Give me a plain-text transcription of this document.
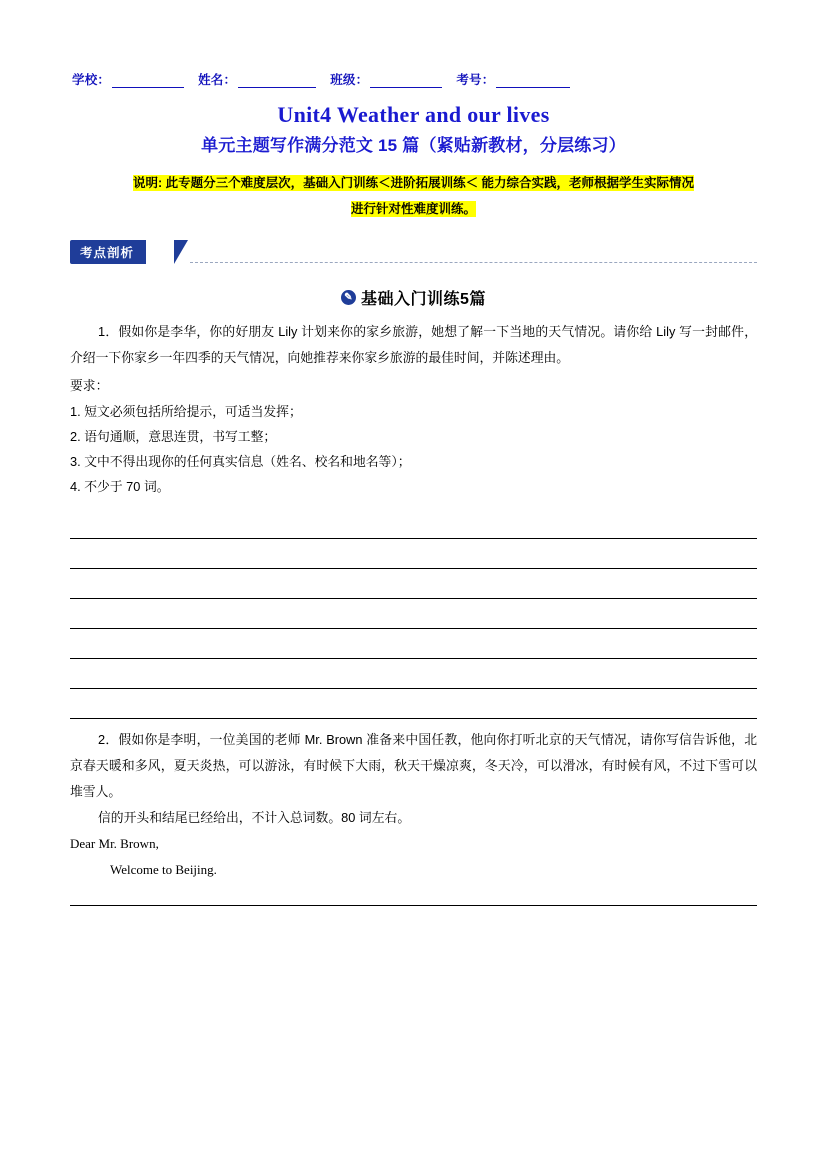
学校：	姓名：	班级：	考号：
Unit4 Weather and our lives
单元主题写作满分范文 15 篇（紧贴新教材，分层练习）
说明: 此专题分三个难度层次，基础入门训练＜进阶拓展训练＜ 能力综合实践，老师根据学生实际情况
进行针对性难度训练。
考点剖析
✎ 基础入门训练5篇

1．假如你是李华，你的好朋友 Lily 计划来你的家乡旅游，她想了解一下当地的天气情况。请你给 Lily 写一封邮件，介绍一下你家乡一年四季的天气情况，向她推荐来你家乡旅游的最佳时间，并陈述理由。

要求：

1. 短文必须包括所给提示，可适当发挥；
2. 语句通顺，意思连贯，书写工整；
3. 文中不得出现你的任何真实信息（姓名、校名和地名等）；
4. 不少于 70 词。

2．假如你是李明，一位美国的老师 Mr. Brown 准备来中国任教，他向你打听北京的天气情况，请你写信告诉他，北京春天暖和多风，夏天炎热，可以游泳，有时候下大雨，秋天干燥凉爽，冬天冷，可以滑冰，有时候有风，不过下雪可以堆雪人。

信的开头和结尾已经给出，不计入总词数。80 词左右。

Dear Mr. Brown,
Welcome to Beijing.
